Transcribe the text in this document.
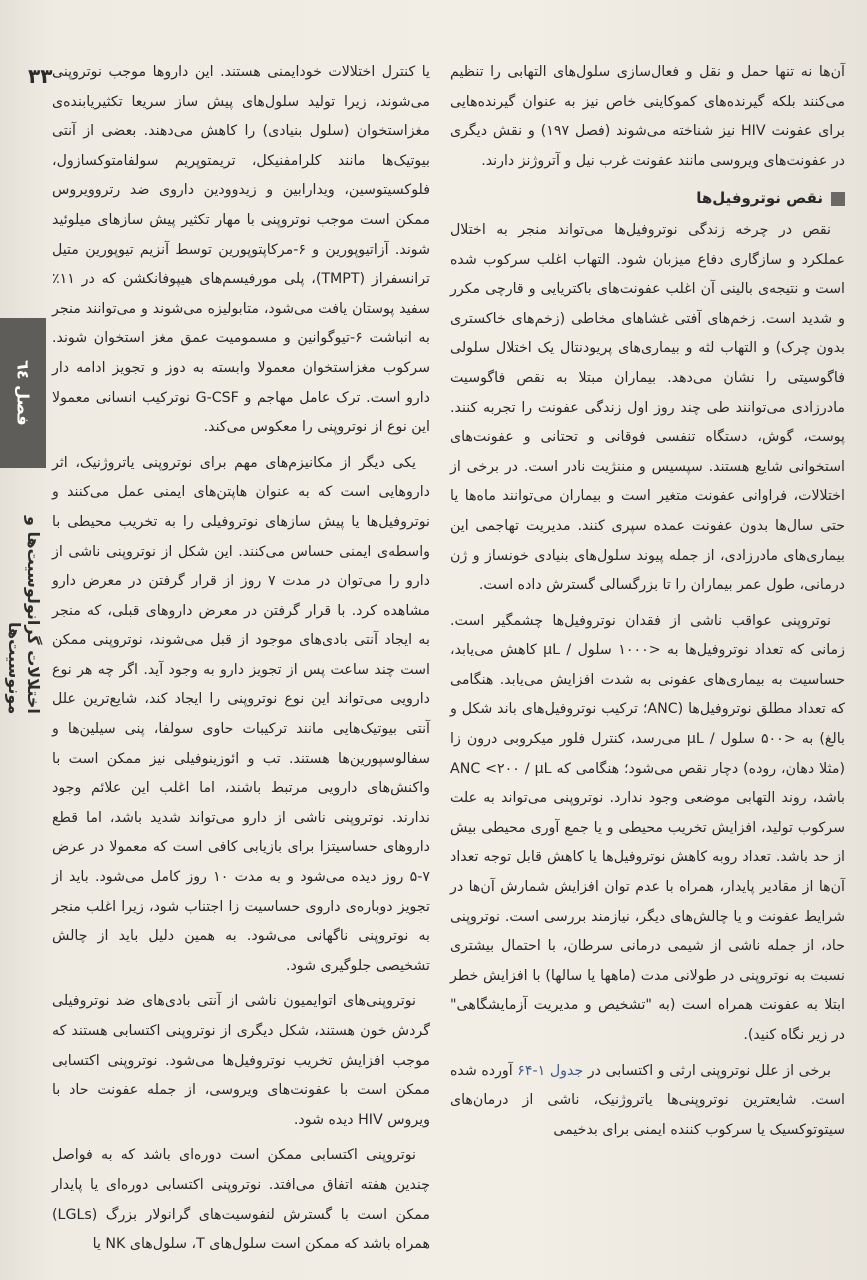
۳۳
فصل ٦٤
اختلالات گرانولوسیت‌ها و مونوسیت‌ها

آن‌ها نه تنها حمل و نقل و فعال‌سازی سلول‌های التهابی را تنظیم می‌کنند بلکه گیرنده‌های کموکاینی خاص نیز به عنوان گیرنده‌هایی برای عفونت HIV نیز شناخته می‌شوند (فصل ۱۹۷) و نقش دیگری در عفونت‌های ویروسی مانند عفونت غرب نیل و آتروژنز دارند.

نقص نوتروفیل‌ها

نقص در چرخه زندگی نوتروفیل‌ها می‌تواند منجر به اختلال عملکرد و سازگاری دفاع میزبان شود. التهاب اغلب سرکوب شده است و نتیجه‌ی بالینی آن اغلب عفونت‌های باکتریایی و قارچی مکرر و شدید است. زخم‌های آفتی غشاهای مخاطی (زخم‌های خاکستری بدون چرک) و التهاب لثه و بیماری‌های پریودنتال یک اختلال سلولی فاگوسیتی را نشان می‌دهد. بیماران مبتلا به نقص فاگوسیت مادرزادی می‌توانند طی چند روز اول زندگی عفونت را تجربه کنند. پوست، گوش، دستگاه تنفسی فوقانی و تحتانی و عفونت‌های استخوانی شایع هستند. سپسیس و مننژیت نادر است. در برخی از اختلالات، فراوانی عفونت متغیر است و بیماران می‌توانند ماه‌ها یا حتی سال‌ها بدون عفونت عمده سپری کنند. مدیریت تهاجمی این بیماری‌های مادرزادی، از جمله پیوند سلول‌های بنیادی خونساز و ژن درمانی، طول عمر بیماران را تا بزرگسالی گسترش داده است.

نوتروپنی عواقب ناشی از فقدان نوتروفیل‌ها چشمگیر است. زمانی که تعداد نوتروفیل‌ها به <۱۰۰۰ سلول / μL کاهش می‌یابد، حساسیت به بیماری‌های عفونی به شدت افزایش می‌یابد. هنگامی که تعداد مطلق نوتروفیل‌ها (ANC؛ ترکیب نوتروفیل‌های باند شکل و بالغ) به <۵۰۰ سلول / μL می‌رسد، کنترل فلور میکروبی درون زا (مثلا دهان، روده) دچار نقص می‌شود؛ هنگامی که ANC <۲۰۰ / μL باشد، روند التهابی موضعی وجود ندارد. نوتروپنی می‌تواند به علت سرکوب تولید، افزایش تخریب محیطی و یا جمع آوری محیطی بیش از حد باشد. تعداد روبه کاهش نوتروفیل‌ها یا کاهش قابل توجه تعداد آن‌ها از مقادیر پایدار، همراه با عدم توان افزایش شمارش آن‌ها در شرایط عفونت و یا چالش‌های دیگر، نیازمند بررسی است. نوتروپنی حاد، از جمله ناشی از شیمی درمانی سرطان، با احتمال بیشتری نسبت به نوتروپنی در طولانی مدت (ماهها یا سالها) با افزایش خطر ابتلا به عفونت همراه است (به "تشخیص و مدیریت آزمایشگاهی" در زیر نگاه کنید).

برخی از علل نوتروپنی ارثی و اکتسابی در جدول ۱-۶۴ آورده شده است. شایعترین نوتروپنی‌ها یاتروژنیک، ناشی از درمان‌های سیتوتوکسیک یا سرکوب کننده ایمنی برای بدخیمی

یا کنترل اختلالات خودایمنی هستند. این داروها موجب نوتروپنی می‌شوند، زیرا تولید سلول‌های پیش ساز سریعا تکثیریابنده‌ی مغزاستخوان (سلول بنیادی) را کاهش می‌دهند. بعضی از آنتی بیوتیک‌ها مانند کلرامفنیکل، تریمتوپریم سولفامتوکسازول، فلوکسیتوسین، ویدارابین و زیدوودین داروی ضد رتروویروس ممکن است موجب نوتروپنی با مهار تکثیر پیش سازهای میلوئید شوند. آزاتیوپورین و ۶-مرکاپتوپورین توسط آنزیم تیوپورین متیل ترانسفراز (TMPT)، پلی مورفیسم‌های هیپوفانکشن که در ۱۱٪ سفید پوستان یافت می‌شود، متابولیزه می‌شوند و می‌توانند منجر به انباشت ۶-تیوگوانین و مسمومیت عمق مغز استخوان شوند. سرکوب مغزاستخوان معمولا وابسته به دوز و تجویز ادامه دار دارو است. ترک عامل مهاجم و G-CSF نوترکیب انسانی معمولا این نوع از نوتروپنی را معکوس می‌کند.

یکی دیگر از مکانیزم‌های مهم برای نوتروپنی یاتروژنیک، اثر داروهایی است که به عنوان هاپتن‌های ایمنی عمل می‌کنند و نوتروفیل‌ها یا پیش سازهای نوتروفیلی را به تخریب محیطی با واسطه‌ی ایمنی حساس می‌کنند. این شکل از نوتروپنی ناشی از دارو را می‌توان در مدت ۷ روز از قرار گرفتن در معرض دارو مشاهده کرد. با قرار گرفتن در معرض داروهای قبلی، که منجر به ایجاد آنتی بادی‌های موجود از قبل می‌شوند، نوتروپنی ممکن است چند ساعت پس از تجویز دارو به وجود آید. اگر چه هر نوع دارویی می‌تواند این نوع نوتروپنی را ایجاد کند، شایع‌ترین علل آنتی بیوتیک‌هایی مانند ترکیبات حاوی سولفا، پنی سیلین‌ها و سفالوسپورین‌ها هستند. تب و ائوزینوفیلی نیز ممکن است با واکنش‌های دارویی مرتبط باشند، اما اغلب این علائم وجود ندارند. نوتروپنی ناشی از دارو می‌تواند شدید باشد، اما قطع داروهای حساسیتزا برای بازیابی کافی است که معمولا در عرض ۷-۵ روز دیده می‌شود و به مدت ۱۰ روز کامل می‌شود. باید از تجویز دوباره‌ی داروی حساسیت زا اجتناب شود، زیرا اغلب منجر به نوتروپنی ناگهانی می‌شود. به همین دلیل باید از چالش تشخیصی جلوگیری شود.

نوتروپنی‌های اتوایمیون ناشی از آنتی بادی‌های ضد نوتروفیلی گردش خون هستند، شکل دیگری از نوتروپنی اکتسابی هستند که موجب افزایش تخریب نوتروفیل‌ها می‌شود. نوتروپنی اکتسابی ممکن است با عفونت‌های ویروسی، از جمله عفونت حاد با ویروس HIV دیده شود.

نوتروپنی اکتسابی ممکن است دوره‌ای باشد که به فواصل چندین هفته اتفاق می‌افتد. نوتروپنی اکتسابی دوره‌ای یا پایدار ممکن است با گسترش لنفوسیت‌های گرانولار بزرگ (LGLs) همراه باشد که ممکن است سلول‌های T، سلول‌های NK یا
